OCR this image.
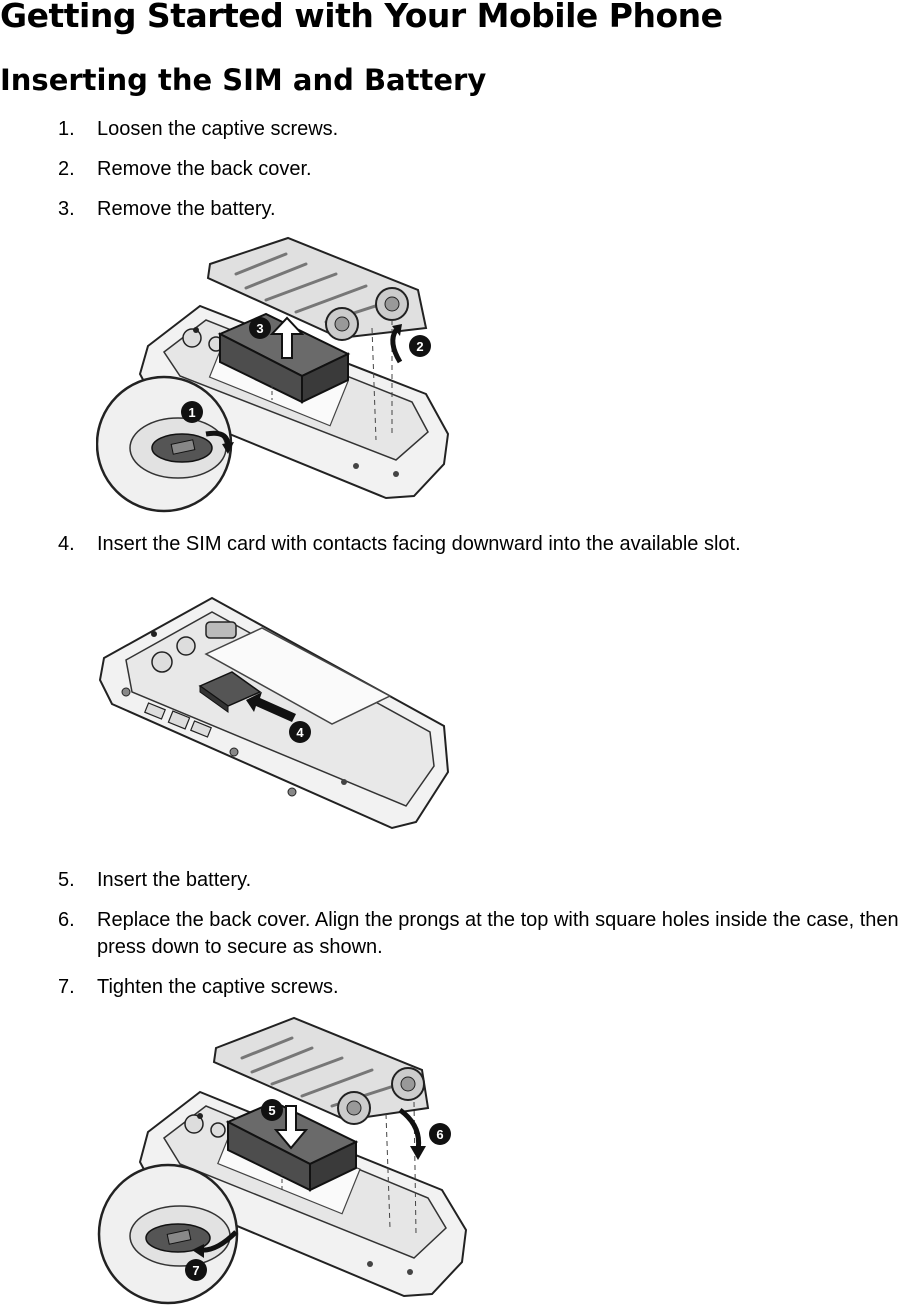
Getting Started with Your Mobile Phone
Inserting the SIM and Battery
1. Loosen the captive screws.
2. Remove the back cover.
3. Remove the battery.
1
2
3
4. Insert the SIM card with contacts facing downward into the available slot.
4
5. Insert the battery.
6. Replace the back cover. Align the prongs at the top with square holes inside the case, then press down to secure as shown.
7. Tighten the captive screws.
5
6
7
